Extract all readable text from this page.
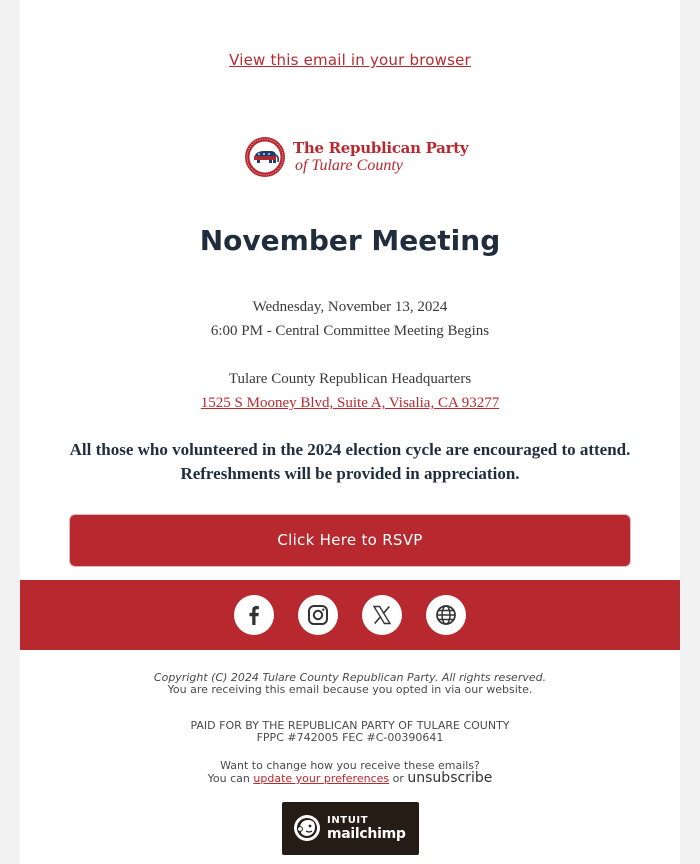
View this email in your browser
The Republican Party
of Tulare County
November Meeting
Wednesday, November 13, 2024
6:00 PM - Central Committee Meeting Begins
Tulare County Republican Headquarters
1525 S Mooney Blvd, Suite A, Visalia, CA 93277
All those who volunteered in the 2024 election cycle are encouraged to attend.
Refreshments will be provided in appreciation.
Click Here to RSVP
Copyright (C) 2024 Tulare County Republican Party. All rights reserved.
You are receiving this email because you opted in via our website.
PAID FOR BY THE REPUBLICAN PARTY OF TULARE COUNTY
FPPC #742005 FEC #C-00390641
Want to change how you receive these emails?
You can update your preferences or unsubscribe
INTUIT
mailchimp
